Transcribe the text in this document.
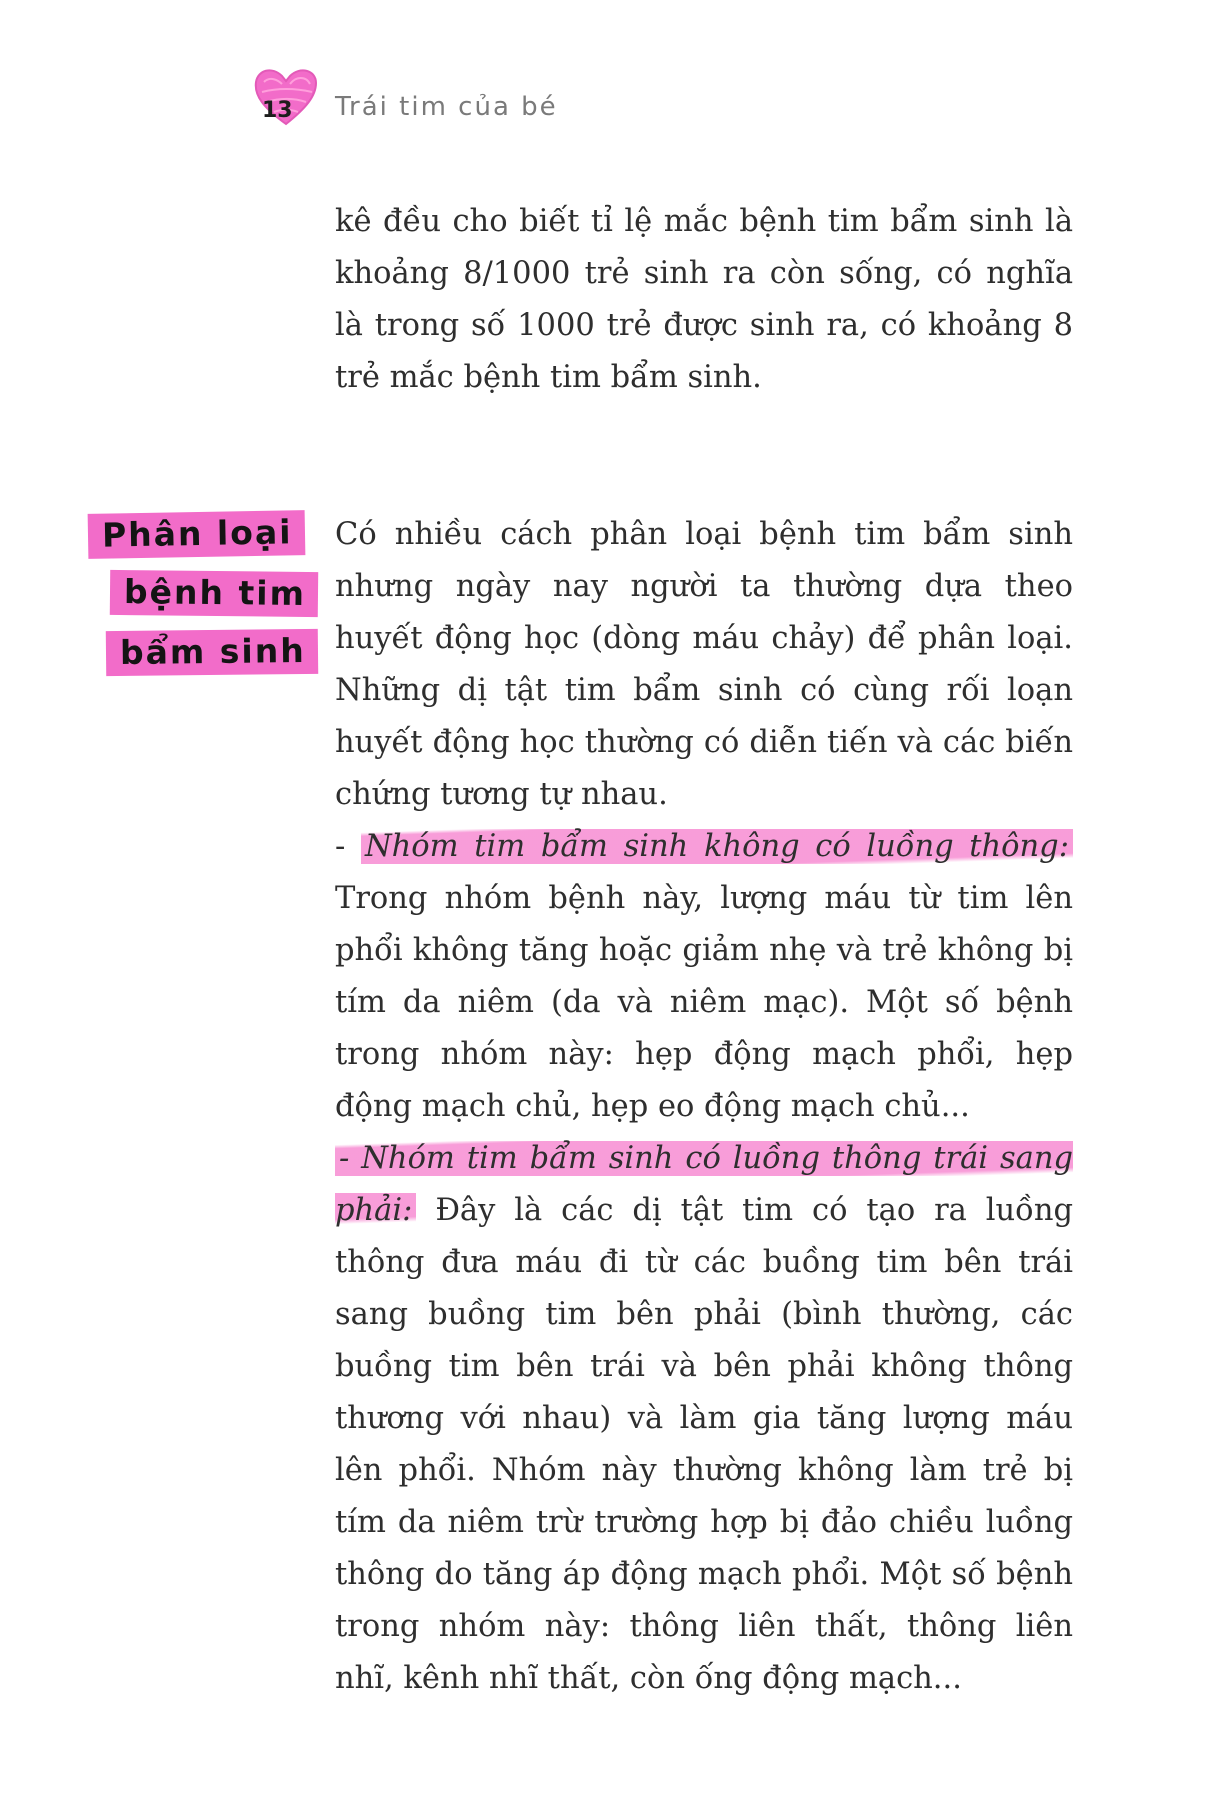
13 Trái tim của bé
Phân loại
bệnh tim
bẩm sinh

kê đều cho biết tỉ lệ mắc bệnh tim bẩm sinh là khoảng 8/1000 trẻ sinh ra còn sống, có nghĩa là trong số 1000 trẻ được sinh ra, có khoảng 8 trẻ mắc bệnh tim bẩm sinh.

Có nhiều cách phân loại bệnh tim bẩm sinh nhưng ngày nay người ta thường dựa theo huyết động học (dòng máu chảy) để phân loại. Những dị tật tim bẩm sinh có cùng rối loạn huyết động học thường có diễn tiến và các biến chứng tương tự nhau.

- Nhóm tim bẩm sinh không có luồng thông: Trong nhóm bệnh này, lượng máu từ tim lên phổi không tăng hoặc giảm nhẹ và trẻ không bị tím da niêm (da và niêm mạc). Một số bệnh trong nhóm này: hẹp động mạch phổi, hẹp động mạch chủ, hẹp eo động mạch chủ...

- Nhóm tim bẩm sinh có luồng thông trái sang phải: Đây là các dị tật tim có tạo ra luồng thông đưa máu đi từ các buồng tim bên trái sang buồng tim bên phải (bình thường, các buồng tim bên trái và bên phải không thông thương với nhau) và làm gia tăng lượng máu lên phổi. Nhóm này thường không làm trẻ bị tím da niêm trừ trường hợp bị đảo chiều luồng thông do tăng áp động mạch phổi. Một số bệnh trong nhóm này: thông liên thất, thông liên nhĩ, kênh nhĩ thất, còn ống động mạch...
